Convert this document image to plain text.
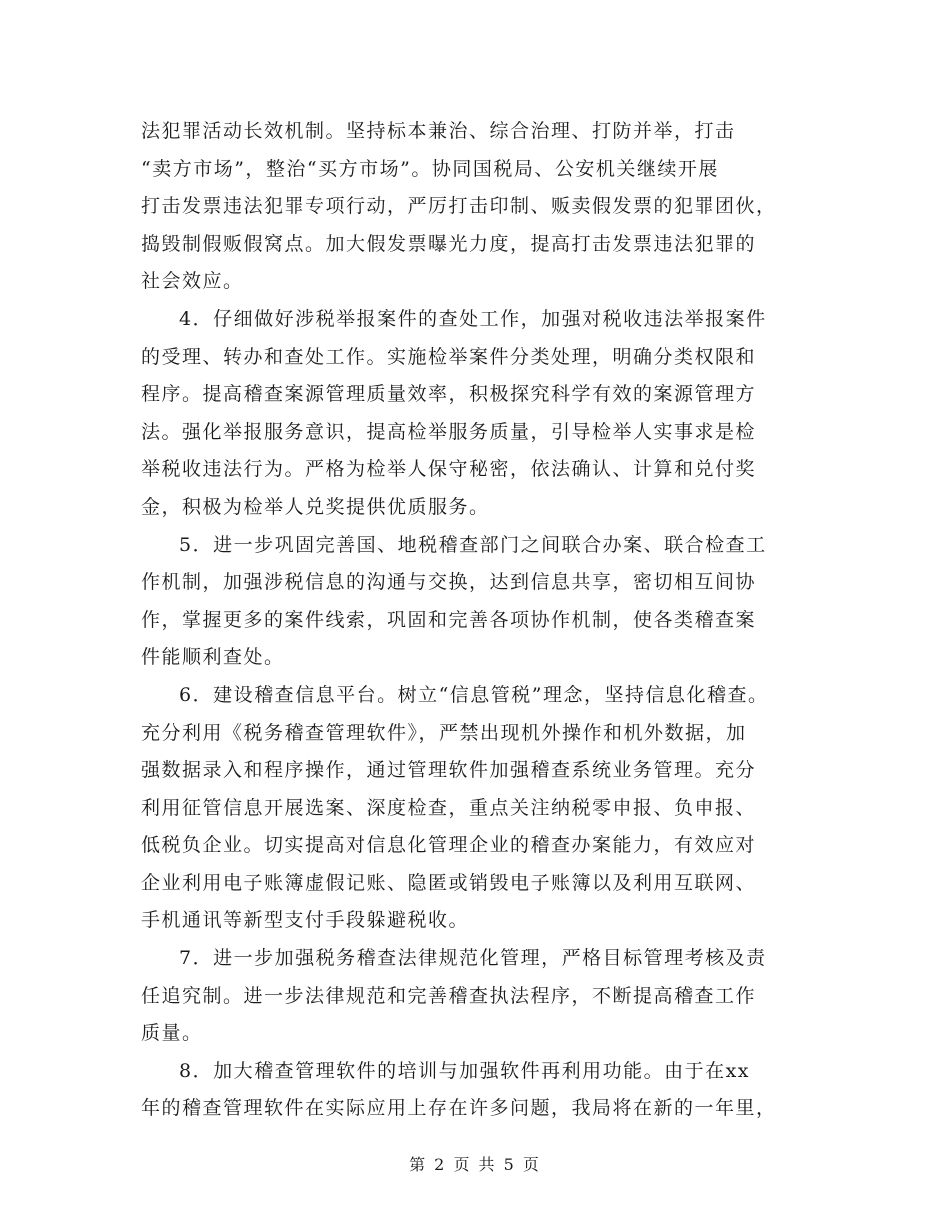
法犯罪活动长效机制。坚持标本兼治、综合治理、打防并举，打击
“卖方市场”，整治“买方市场”。协同国税局、公安机关继续开展
打击发票违法犯罪专项行动，严厉打击印制、贩卖假发票的犯罪团伙，
捣毁制假贩假窝点。加大假发票曝光力度，提高打击发票违法犯罪的
社会效应。
4．仔细做好涉税举报案件的查处工作，加强对税收违法举报案件
的受理、转办和查处工作。实施检举案件分类处理，明确分类权限和
程序。提高稽查案源管理质量效率，积极探究科学有效的案源管理方
法。强化举报服务意识，提高检举服务质量，引导检举人实事求是检
举税收违法行为。严格为检举人保守秘密，依法确认、计算和兑付奖
金，积极为检举人兑奖提供优质服务。
5．进一步巩固完善国、地税稽查部门之间联合办案、联合检查工
作机制，加强涉税信息的沟通与交换，达到信息共享，密切相互间协
作，掌握更多的案件线索，巩固和完善各项协作机制，使各类稽查案
件能顺利查处。
6．建设稽查信息平台。树立“信息管税”理念，坚持信息化稽查。
充分利用《税务稽查管理软件》，严禁出现机外操作和机外数据，加
强数据录入和程序操作，通过管理软件加强稽查系统业务管理。充分
利用征管信息开展选案、深度检查，重点关注纳税零申报、负申报、
低税负企业。切实提高对信息化管理企业的稽查办案能力，有效应对
企业利用电子账簿虚假记账、隐匿或销毁电子账簿以及利用互联网、
手机通讯等新型支付手段躲避税收。
7．进一步加强税务稽查法律规范化管理，严格目标管理考核及责
任追究制。进一步法律规范和完善稽查执法程序，不断提高稽查工作
质量。
8．加大稽查管理软件的培训与加强软件再利用功能。由于在xx
年的稽查管理软件在实际应用上存在许多问题，我局将在新的一年里，
第 2 页 共 5 页
